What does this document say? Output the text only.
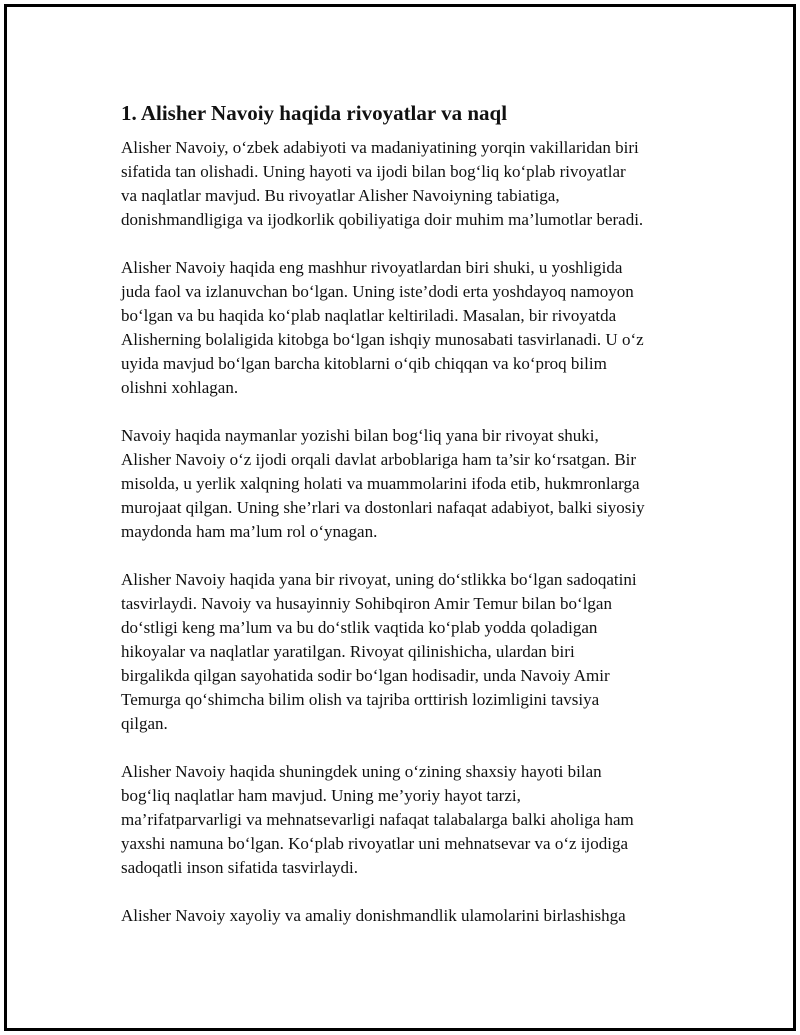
1. Alisher Navoiy haqida rivoyatlar va naql

Alisher Navoiy, o‘zbek adabiyoti va madaniyatining yorqin vakillaridan biri
sifatida tan olishadi. Uning hayoti va ijodi bilan bog‘liq ko‘plab rivoyatlar
va naqlatlar mavjud. Bu rivoyatlar Alisher Navoiyning tabiatiga,
donishmandligiga va ijodkorlik qobiliyatiga doir muhim ma’lumotlar beradi.

Alisher Navoiy haqida eng mashhur rivoyatlardan biri shuki, u yoshligida
juda faol va izlanuvchan bo‘lgan. Uning iste’dodi erta yoshdayoq namoyon
bo‘lgan va bu haqida ko‘plab naqlatlar keltiriladi. Masalan, bir rivoyatda
Alisherning bolaligida kitobga bo‘lgan ishqiy munosabati tasvirlanadi. U o‘z
uyida mavjud bo‘lgan barcha kitoblarni o‘qib chiqqan va ko‘proq bilim
olishni xohlagan.

Navoiy haqida naymanlar yozishi bilan bog‘liq yana bir rivoyat shuki,
Alisher Navoiy o‘z ijodi orqali davlat arboblariga ham ta’sir ko‘rsatgan. Bir
misolda, u yerlik xalqning holati va muammolarini ifoda etib, hukmronlarga
murojaat qilgan. Uning she’rlari va dostonlari nafaqat adabiyot, balki siyosiy
maydonda ham ma’lum rol o‘ynagan.

Alisher Navoiy haqida yana bir rivoyat, uning do‘stlikka bo‘lgan sadoqatini
tasvirlaydi. Navoiy va husayinniy Sohibqiron Amir Temur bilan bo‘lgan
do‘stligi keng ma’lum va bu do‘stlik vaqtida ko‘plab yodda qoladigan
hikoyalar va naqlatlar yaratilgan. Rivoyat qilinishicha, ulardan biri
birgalikda qilgan sayohatida sodir bo‘lgan hodisadir, unda Navoiy Amir
Temurga qo‘shimcha bilim olish va tajriba orttirish lozimligini tavsiya
qilgan.

Alisher Navoiy haqida shuningdek uning o‘zining shaxsiy hayoti bilan
bog‘liq naqlatlar ham mavjud. Uning me’yoriy hayot tarzi,
ma’rifatparvarligi va mehnatsevarligi nafaqat talabalarga balki aholiga ham
yaxshi namuna bo‘lgan. Ko‘plab rivoyatlar uni mehnatsevar va o‘z ijodiga
sadoqatli inson sifatida tasvirlaydi.

Alisher Navoiy xayoliy va amaliy donishmandlik ulamolarini birlashishga
